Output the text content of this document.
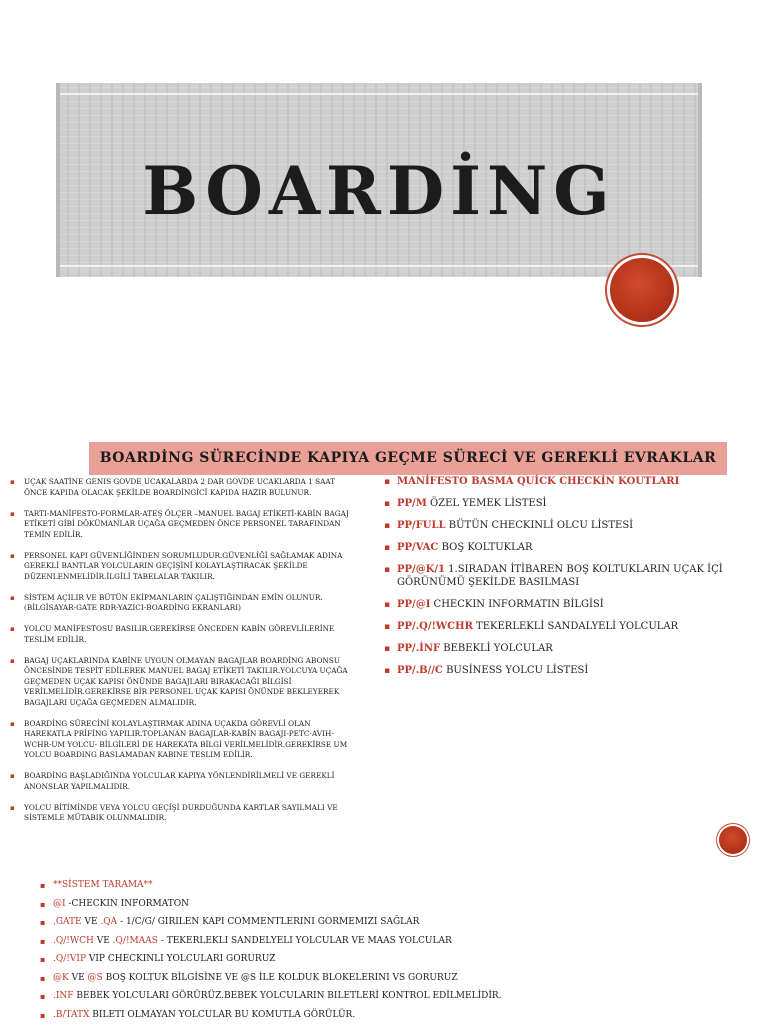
BOARDİNG
BOARDİNG SÜRECİNDE KAPIYA GEÇME SÜRECİ VE GEREKLİ EVRAKLAR
▪ UÇAK SAATİNE GENIS GOVDE UCAKALARDA 2 DAR GOVDE UCAKLARDA 1 SAAT ÖNCE KAPIDA OLACAK ŞEKİLDE BOARDİNGİCİ KAPIDA HAZIR BULUNUR.
▪ TARTI-MANİFESTO-FORMLAR-ATEŞ ÖLÇER –MANUEL BAGAJ ETİKETİ-KABİN BAGAJ ETİKETİ GİBİ DÖKÜMANLAR UÇAĞA GEÇMEDEN ÖNCE PERSONEL TARAFINDAN TEMİN EDİLİR.
▪ PERSONEL KAPI GÜVENLİĞİNDEN SORUMLUDUR.GÜVENLİĞİ SAĞLAMAK ADINA GEREKLİ BANTLAR YOLCULARIN GEÇİŞİNİ KOLAYLAŞTIRACAK ŞEKİLDE DÜZENLENMELİDİR.İLGİLİ TABELALAR TAKILIR.
▪ SİSTEM AÇILIR VE BÜTÜN EKİPMANLARIN ÇALIŞTIĞINDAN EMİN OLUNUR.(BİLGİSAYAR-GATE RDR-YAZICI-BOARDİNG EKRANLARI)
▪ YOLCU MANİFESTOSU BASILIR.GEREKİRSE ÖNCEDEN KABİN GÖREVLİLERİNE TESLİM EDİLİR.
▪ BAGAJ UÇAKLARINDA KABİNE UYGUN OLMAYAN BAGAJLAR BOARDİNG ABONSU ÖNCESİNDE TESPİT EDİLEREK MANUEL BAGAJ ETİKETİ TAKILIR.YOLCUYA UÇAĞA GEÇMEDEN UÇAK KAPISI ÖNÜNDE BAGAJLARI BIRAKACAĞI BİLGİSİ VERİLMELİDİR.GEREKİRSE BİR PERSONEL UÇAK KAPISI ÖNÜNDE BEKLEYEREK BAGAJLARI UÇAĞA GEÇMEDEN ALMALIDIR.
▪ BOARDİNG SÜRECİNİ KOLAYLAŞTIRMAK ADINA UÇAKDA GÖREVLİ OLAN HAREKATLA PRİFİNG YAPILIR.TOPLANAN BAGAJLAR-KABİN BAGAJI-PETC-AVIH-WCHR-UM YOLCU- BİLGİLERİ DE HAREKATA BİLGİ VERİLMELİDİR.GEREKİRSE UM YOLCU BOARDING BASLAMADAN KABINE TESLIM EDİLİR.
▪ BOARDİNG BAŞLADIĞINDA YOLCULAR KAPIYA YÖNLENDİRİLMELİ VE GEREKLİ ANONSLAR YAPILMALIDIR.
▪ YOLCU BİTİMİNDE VEYA YOLCU GEÇİŞİ DURDUĞUNDA KARTLAR SAYILMALI VE SİSTEMLE MÜTABIK OLUNMALIDIR.
▪ MANİFESTO BASMA QUİCK CHECKİN KOUTLARI
▪ PP/M ÖZEL YEMEK LİSTESİ
▪ PP/FULL BÜTÜN CHECKINLİ OLCU LİSTESİ
▪ PP/VAC BOŞ KOLTUKLAR
▪ PP/@K/1 1.SIRADAN İTİBAREN BOŞ KOLTUKLARIN UÇAK İÇİ GÖRÜNÜMÜ ŞEKİLDE BASILMASI
▪ PP/@I CHECKIN INFORMATIN BİLGİSİ
▪ PP/.Q/!WCHR TEKERLEKLİ SANDALYELİ YOLCULAR
▪ PP/.İNF BEBEKLİ YOLCULAR
▪ PP/.B//C BUSİNESS YOLCU LİSTESİ
▪ **SİSTEM TARAMA**
▪ @I -CHECKIN INFORMATON
▪ .GATE VE .QA - 1/C/G/ GIRILEN KAPI COMMENTLERINI GORMEMIZI SAĞLAR
▪ .Q/!WCH VE .Q/!MAAS - TEKERLEKLI SANDELYELI YOLCULAR VE MAAS YOLCULAR
▪ .Q/!VIP VIP CHECKINLI YOLCULARI GORURUZ
▪ @K VE @S BOŞ KOLTUK BİLGİSİNE VE @S İLE KOLDUK BLOKELERINI VS GORURUZ
▪ .INF BEBEK YOLCULARI GÖRÜRÜZ.BEBEK YOLCULARIN BILETLERİ KONTROL EDİLMELİDİR.
▪ .B/TATX BILETI OLMAYAN YOLCULAR BU KOMUTLA GÖRÜLÜR.
